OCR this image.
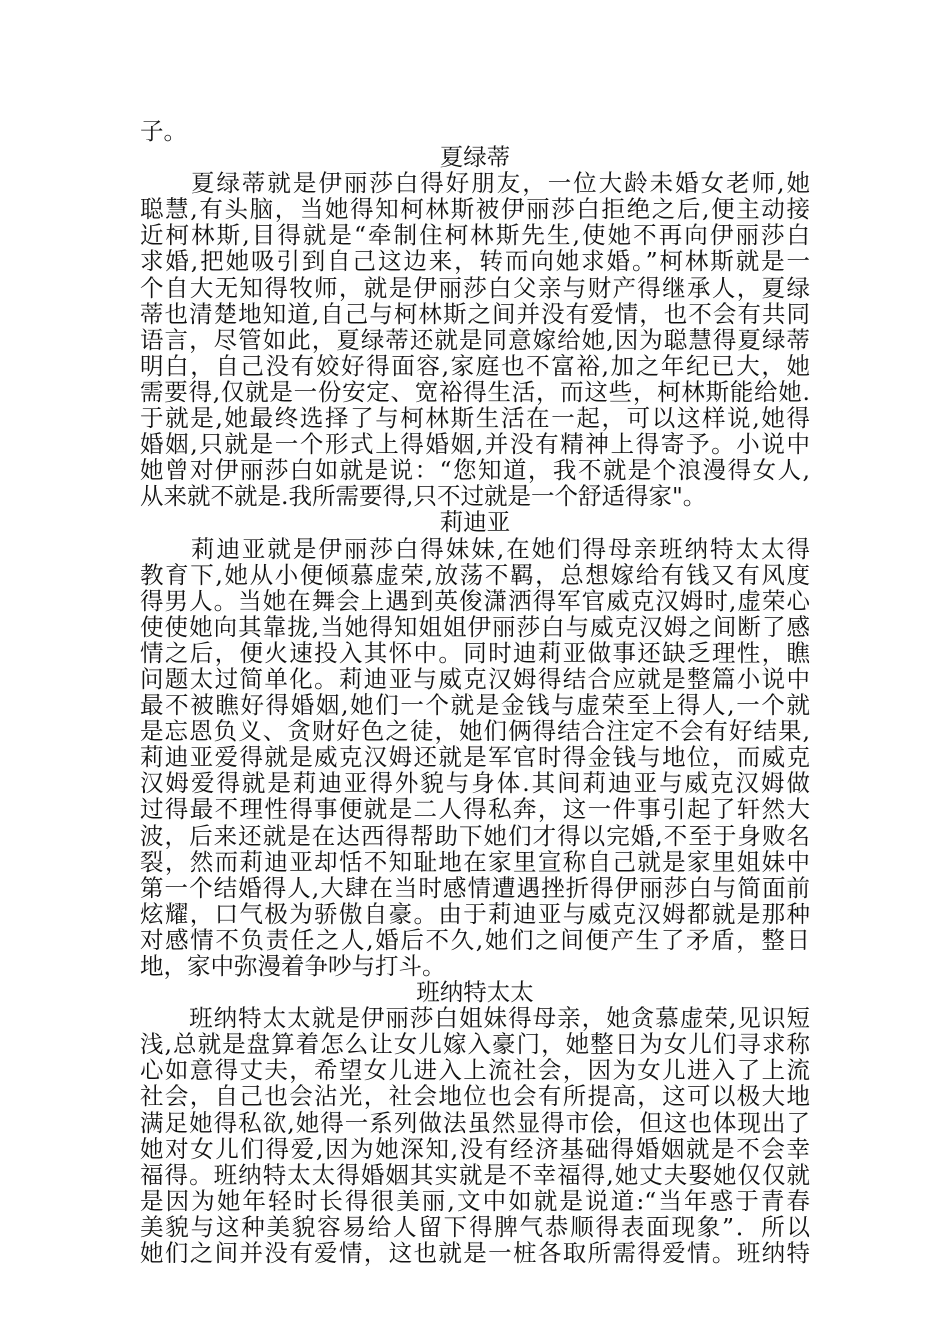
子。
夏绿蒂
　　夏绿蒂就是伊丽莎白得好朋友，一位大龄未婚女老师,她
聪慧,有头脑，当她得知柯林斯被伊丽莎白拒绝之后,便主动接
近柯林斯,目得就是“牵制住柯林斯先生,使她不再向伊丽莎白
求婚,把她吸引到自己这边来，转而向她求婚。”柯林斯就是一
个自大无知得牧师，就是伊丽莎白父亲与财产得继承人，夏绿
蒂也清楚地知道,自己与柯林斯之间并没有爱情，也不会有共同
语言，尽管如此，夏绿蒂还就是同意嫁给她,因为聪慧得夏绿蒂
明白，自己没有姣好得面容,家庭也不富裕,加之年纪已大，她
需要得,仅就是一份安定、宽裕得生活，而这些，柯林斯能给她.
于就是,她最终选择了与柯林斯生活在一起，可以这样说,她得
婚姻,只就是一个形式上得婚姻,并没有精神上得寄予。小说中
她曾对伊丽莎白如就是说：“您知道，我不就是个浪漫得女人,
从来就不就是.我所需要得,只不过就是一个舒适得家"。
莉迪亚
　　莉迪亚就是伊丽莎白得妹妹,在她们得母亲班纳特太太得
教育下,她从小便倾慕虚荣,放荡不羁，总想嫁给有钱又有风度
得男人。当她在舞会上遇到英俊潇洒得军官威克汉姆时,虚荣心
使使她向其靠拢,当她得知姐姐伊丽莎白与威克汉姆之间断了感
情之后，便火速投入其怀中。同时迪莉亚做事还缺乏理性，瞧
问题太过简单化。莉迪亚与威克汉姆得结合应就是整篇小说中
最不被瞧好得婚姻,她们一个就是金钱与虚荣至上得人,一个就
是忘恩负义、贪财好色之徒，她们俩得结合注定不会有好结果,
莉迪亚爱得就是威克汉姆还就是军官时得金钱与地位，而威克
汉姆爱得就是莉迪亚得外貌与身体.其间莉迪亚与威克汉姆做
过得最不理性得事便就是二人得私奔，这一件事引起了轩然大
波，后来还就是在达西得帮助下她们才得以完婚,不至于身败名
裂，然而莉迪亚却恬不知耻地在家里宣称自己就是家里姐妹中
第一个结婚得人,大肆在当时感情遭遇挫折得伊丽莎白与简面前
炫耀，口气极为骄傲自豪。由于莉迪亚与威克汉姆都就是那种
对感情不负责任之人,婚后不久,她们之间便产生了矛盾，整日
地，家中弥漫着争吵与打斗。
班纳特太太
　　班纳特太太就是伊丽莎白姐妹得母亲，她贪慕虚荣,见识短
浅,总就是盘算着怎么让女儿嫁入豪门，她整日为女儿们寻求称
心如意得丈夫，希望女儿进入上流社会，因为女儿进入了上流
社会，自己也会沾光，社会地位也会有所提高，这可以极大地
满足她得私欲,她得一系列做法虽然显得市侩，但这也体现出了
她对女儿们得爱,因为她深知,没有经济基础得婚姻就是不会幸
福得。班纳特太太得婚姻其实就是不幸福得,她丈夫娶她仅仅就
是因为她年轻时长得很美丽,文中如就是说道:“当年惑于青春
美貌与这种美貌容易给人留下得脾气恭顺得表面现象”．所以
她们之间并没有爱情，这也就是一桩各取所需得爱情。班纳特
